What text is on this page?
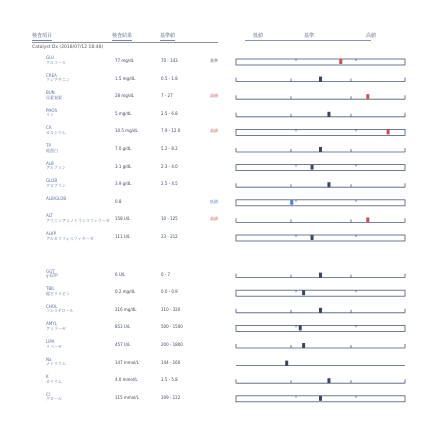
検査項目	検査結果	基準値	低値	基準	高値
Catalyst Dx (2018/07/12 18:48)
GLU
グルコース	77 mg/dL	70 - 143	基準
CREA
クレアチニン	1.5 mg/dL	0.5 - 1.8
BUN
尿素窒素	28 mg/dL	7 - 27	高値
PHOS
リン	5 mg/dL	2.5 - 6.8
CA
カルシウム	10.5 mg/dL	7.9 - 12.0	高値
TP
総蛋白	7.0 g/dL	5.2 - 8.2
ALB
アルブミン	3.1 g/dL	2.3 - 4.0
GLOB
グロブリン	3.9 g/dL	2.5 - 4.5
ALB/GLOB
0.8	低値
ALT
アラニンアミノトランスフェラーゼ 158 U/L	10 - 125	高値
ALKP
アルカリフォスファターゼ	111 U/L	23 - 212
GGT
γ-GTP	6 U/L	0 - 7
TBIL
総ビリルビン	0.2 mg/dL	0.0 - 0.9
CHOL
コレステロール	216 mg/dL	110 - 320
AMYL
アミラーゼ	853 U/L	500 - 1500
LIPA
リパーゼ	457 U/L	200 - 1800
Na
ナトリウム	147 mmol/L	144 - 160
K
カリウム	4.0 mmol/L	3.5 - 5.8
Cl
クロール	115 mmol/L	109 - 122
